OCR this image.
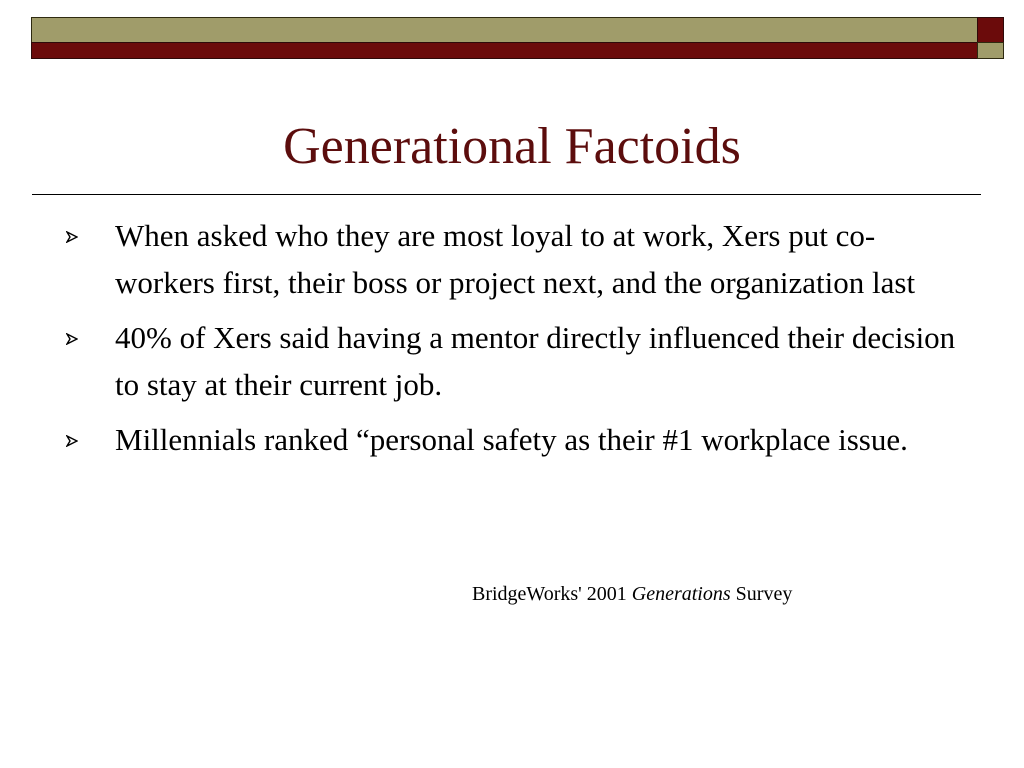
Generational Factoids
When asked who they are most loyal to at work, Xers put co-workers first, their boss or project next, and the organization last
40% of Xers said having a mentor directly influenced their decision to stay at their current job.
Millennials ranked “personal safety as their #1 workplace issue.
BridgeWorks' 2001 Generations Survey
